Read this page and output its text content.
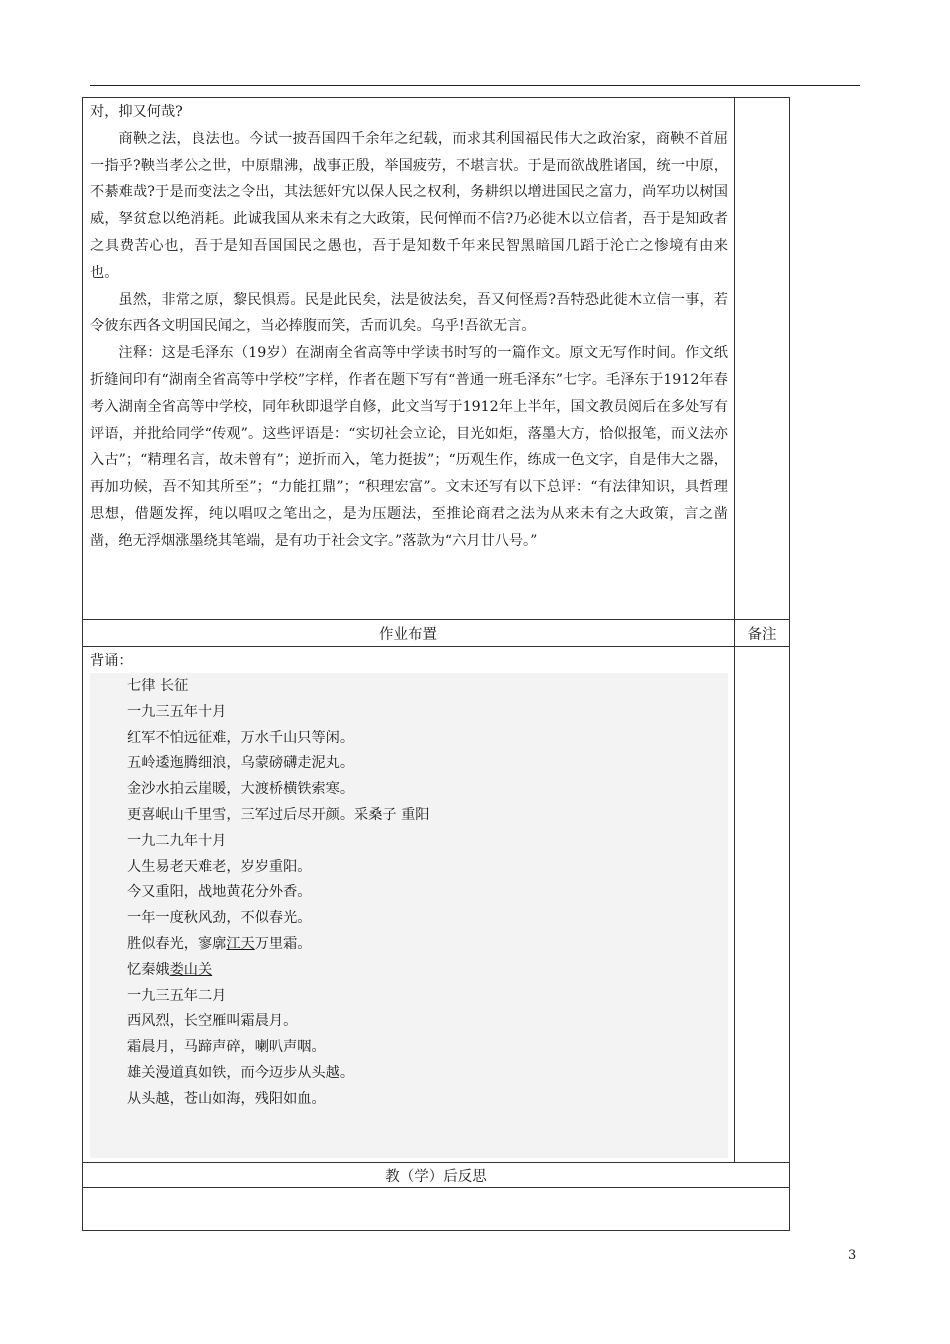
对，抑又何哉?

商鞅之法，良法也。今试一披吾国四千余年之纪载，而求其利国福民伟大之政治家，商鞅不首屈一指乎?鞅当孝公之世，中原鼎沸，战事正殷，举国疲劳，不堪言状。于是而欲战胜诸国，统一中原，不綦难哉?于是而变法之令出，其法惩奸宄以保人民之权利，务耕织以增进国民之富力，尚军功以树国威，孥贫怠以绝消耗。此诚我国从来未有之大政策，民何惮而不信?乃必徙木以立信者，吾于是知政者之具费苦心也，吾于是知吾国国民之愚也，吾于是知数千年来民智黑暗国几蹈于沦亡之惨境有由来也。

虽然，非常之原，黎民惧焉。民是此民矣，法是彼法矣，吾又何怪焉?吾特恐此徙木立信一事，若令彼东西各文明国民闻之，当必捧腹而笑，舌而讥矣。乌乎!吾欲无言。

注释：这是毛泽东（19岁）在湖南全省高等中学读书时写的一篇作文。原文无写作时间。作文纸折缝间印有“湖南全省高等中学校”字样，作者在题下写有“普通一班毛泽东”七字。毛泽东于1912年春考入湖南全省高等中学校，同年秋即退学自修，此文当写于1912年上半年，国文教员阅后在多处写有评语，并批给同学“传观”。这些评语是：“实切社会立论，目光如炬，落墨大方，恰似报笔，而义法亦入古”；“精理名言，故未曾有”；逆折而入，笔力挺拔”；“历观生作，练成一色文字，自是伟大之器，再加功候，吾不知其所至”；“力能扛鼎”；“积理宏富”。文末还写有以下总评：“有法律知识，具哲理思想，借题发挥，纯以唱叹之笔出之，是为压题法，至推论商君之法为从来未有之大政策，言之凿凿，绝无浮烟涨墨绕其笔端，是有功于社会文字。”落款为“六月廿八号。”

作业布置	备注
背诵：
七律 长征
一九三五年十月
红军不怕远征难，万水千山只等闲。
五岭逶迤腾细浪，乌蒙磅礴走泥丸。
金沙水拍云崖暖，大渡桥横铁索寒。
更喜岷山千里雪，三军过后尽开颜。采桑子 重阳
一九二九年十月
人生易老天难老，岁岁重阳。
今又重阳，战地黄花分外香。
一年一度秋风劲，不似春光。
胜似春光，寥廓江天万里霜。
忆秦娥娄山关
一九三五年二月
西风烈，长空雁叫霜晨月。
霜晨月，马蹄声碎，喇叭声咽。
雄关漫道真如铁，而今迈步从头越。
从头越，苍山如海，残阳如血。
教（学）后反思
3
